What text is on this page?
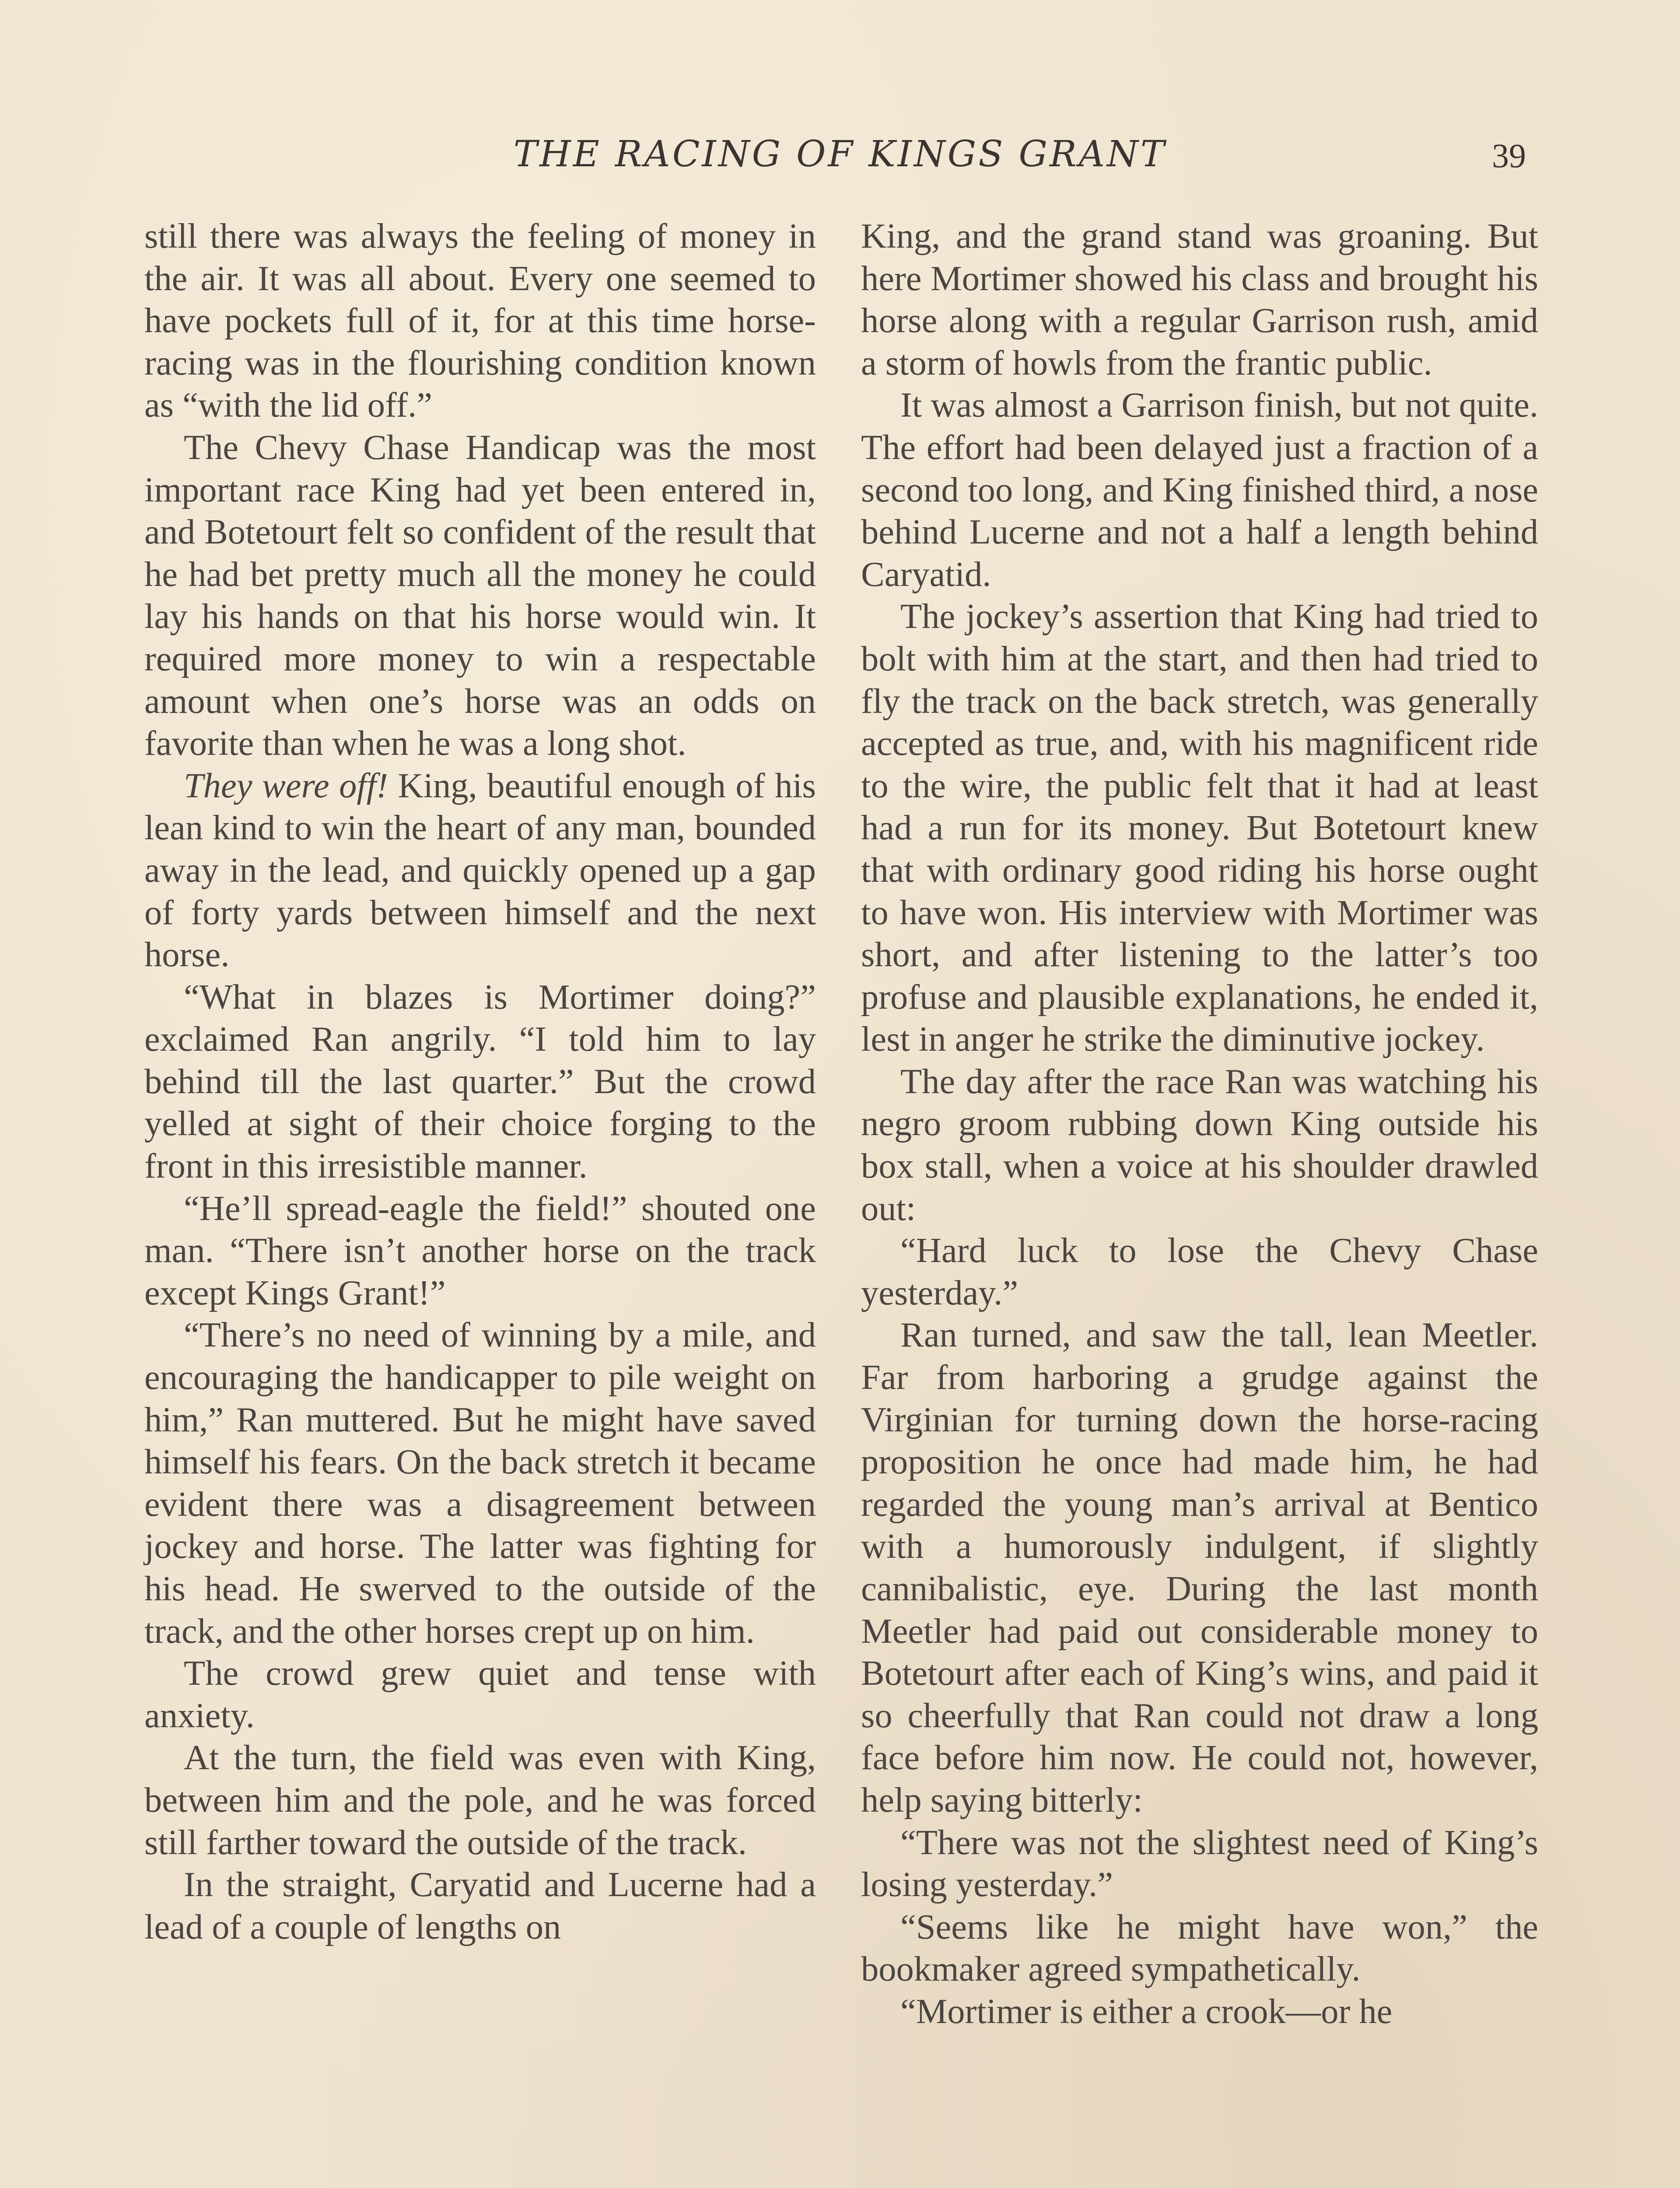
THE RACING OF KINGS GRANT	39

still there was always the feeling of money in the air. It was all about. Every one seemed to have pockets full of it, for at this time horse-racing was in the flourishing condition known as “with the lid off.”

The Chevy Chase Handicap was the most important race King had yet been entered in, and Botetourt felt so confident of the result that he had bet pretty much all the money he could lay his hands on that his horse would win. It required more money to win a respectable amount when one’s horse was an odds on favorite than when he was a long shot.

They were off! King, beautiful enough of his lean kind to win the heart of any man, bounded away in the lead, and quickly opened up a gap of forty yards between himself and the next horse.

“What in blazes is Mortimer doing?” exclaimed Ran angrily. “I told him to lay behind till the last quarter.” But the crowd yelled at sight of their choice forging to the front in this irresistible manner.

“He’ll spread-eagle the field!” shouted one man. “There isn’t another horse on the track except Kings Grant!”

“There’s no need of winning by a mile, and encouraging the handicapper to pile weight on him,” Ran muttered. But he might have saved himself his fears. On the back stretch it became evident there was a disagreement between jockey and horse. The latter was fighting for his head. He swerved to the outside of the track, and the other horses crept up on him.

The crowd grew quiet and tense with anxiety.

At the turn, the field was even with King, between him and the pole, and he was forced still farther toward the outside of the track.

In the straight, Caryatid and Lucerne had a lead of a couple of lengths on

King, and the grand stand was groaning. But here Mortimer showed his class and brought his horse along with a regular Garrison rush, amid a storm of howls from the frantic public.

It was almost a Garrison finish, but not quite. The effort had been delayed just a fraction of a second too long, and King finished third, a nose behind Lucerne and not a half a length behind Caryatid.

The jockey’s assertion that King had tried to bolt with him at the start, and then had tried to fly the track on the back stretch, was generally accepted as true, and, with his magnificent ride to the wire, the public felt that it had at least had a run for its money. But Botetourt knew that with ordinary good riding his horse ought to have won. His interview with Mortimer was short, and after listening to the latter’s too profuse and plausible explanations, he ended it, lest in anger he strike the diminutive jockey.

The day after the race Ran was watching his negro groom rubbing down King outside his box stall, when a voice at his shoulder drawled out:

“Hard luck to lose the Chevy Chase yesterday.”

Ran turned, and saw the tall, lean Meetler. Far from harboring a grudge against the Virginian for turning down the horse-racing proposition he once had made him, he had regarded the young man’s arrival at Bentico with a humorously indulgent, if slightly cannibalistic, eye. During the last month Meetler had paid out considerable money to Botetourt after each of King’s wins, and paid it so cheerfully that Ran could not draw a long face before him now. He could not, however, help saying bitterly:

“There was not the slightest need of King’s losing yesterday.”

“Seems like he might have won,” the bookmaker agreed sympathetically.

“Mortimer is either a crook—or he
